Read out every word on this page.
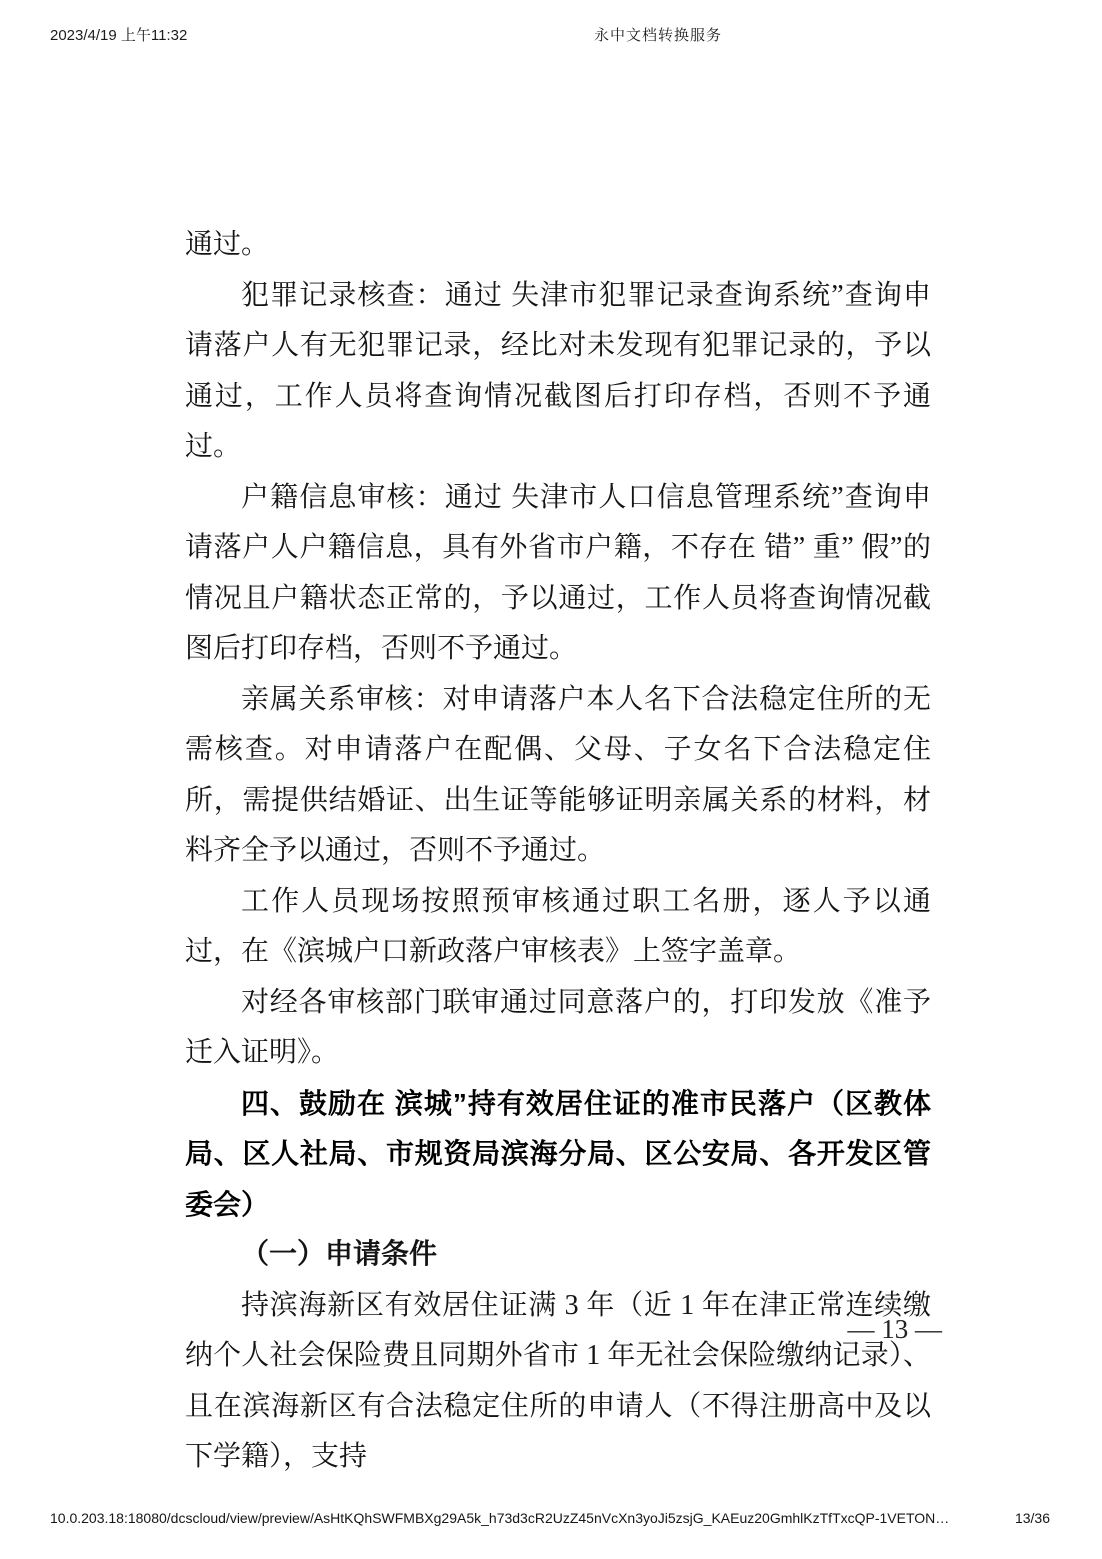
2023/4/19 上午11:32	永中文档转换服务

通过。

犯罪记录核查：通过 失津市犯罪记录查询系统”查询申请落户人有无犯罪记录，经比对未发现有犯罪记录的，予以通过，工作人员将查询情况截图后打印存档，否则不予通过。

户籍信息审核：通过 失津市人口信息管理系统”查询申请落户人户籍信息，具有外省市户籍，不存在 错” 重” 假”的情况且户籍状态正常的，予以通过，工作人员将查询情况截图后打印存档，否则不予通过。

亲属关系审核：对申请落户本人名下合法稳定住所的无需核查。对申请落户在配偶、父母、子女名下合法稳定住所，需提供结婚证、出生证等能够证明亲属关系的材料，材料齐全予以通过，否则不予通过。

工作人员现场按照预审核通过职工名册，逐人予以通过，在《滨城户口新政落户审核表》上签字盖章。

对经各审核部门联审通过同意落户的，打印发放《准予迁入证明》。

四、鼓励在 滨城”持有效居住证的准市民落户（区教体局、区人社局、市规资局滨海分局、区公安局、各开发区管委会）

（一）申请条件

持滨海新区有效居住证满 3 年（近 1 年在津正常连续缴纳个人社会保险费且同期外省市 1 年无社会保险缴纳记录）、且在滨海新区有合法稳定住所的申请人（不得注册高中及以下学籍），支持

— 13 —
10.0.203.18:18080/dcscloud/view/preview/AsHtKQhSWFMBXg29A5k_h73d3cR2UzZ45nVcXn3yoJi5zsjG_KAEuz20GmhlKzTfTxcQP-1VETON…	13/36
